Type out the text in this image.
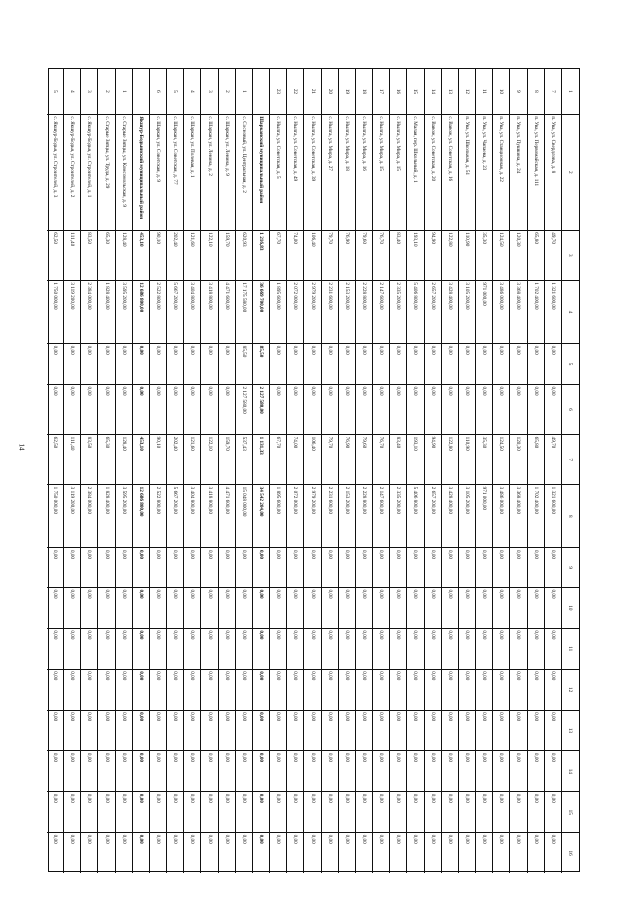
14
1
2
3
4
5
6
7
8
9
10
11
12
13
14
15
16
7
п. Ува, ул. Свердлова, д. 8
49,70
1 321 600,00
0,00
0,00
49,70
1 321 600,00
0,00
0,00
0,00
0,00
0,00
0,00
0,00
0,00
8
п. Ува, ул. Первомайская, д. 111
65,80
1 702 400,00
0,00
0,00
65,80
1 702 400,00
0,00
0,00
0,00
0,00
0,00
0,00
0,00
0,00
9
п. Ува, ул. Пушкина, д. 24
120,30
3 368 400,00
0,00
0,00
120,30
3 368 400,00
0,00
0,00
0,00
0,00
0,00
0,00
0,00
0,00
10
п. Ува, ул. Станционная, д. 22
124,50
3 486 000,00
0,00
0,00
124,50
3 486 000,00
0,00
0,00
0,00
0,00
0,00
0,00
0,00
0,00
11
п. Ува, ул. Чапаева, д. 23
35,30
971 000,00
0,00
0,00
35,30
971 000,00
0,00
0,00
0,00
0,00
0,00
0,00
0,00
0,00
12
п. Ува, ул. Школьная, д. 51
110,90
3 105 200,00
0,00
0,00
110,90
3 105 200,00
0,00
0,00
0,00
0,00
0,00
0,00
0,00
0,00
13
с. Вавож, ул. Советская, д. 16
122,80
3 428 400,00
0,00
0,00
122,80
3 428 400,00
0,00
0,00
0,00
0,00
0,00
0,00
0,00
0,00
14
с. Вавож, ул. Советская, д. 20
94,90
2 657 200,00
0,00
0,00
94,90
2 657 200,00
0,00
0,00
0,00
0,00
0,00
0,00
0,00
0,00
15
с. Малая, пер. Школьный, д. 1
193,10
5 406 800,00
0,00
0,00
193,10
5 406 800,00
0,00
0,00
0,00
0,00
0,00
0,00
0,00
0,00
16
с. Нылга, ул. Мира, д. 15
83,40
2 335 200,00
0,00
0,00
83,40
2 335 200,00
0,00
0,00
0,00
0,00
0,00
0,00
0,00
0,00
17
с. Нылга, ул. Мира, д. 15
76,70
2 147 600,00
0,00
0,00
76,70
2 147 600,00
0,00
0,00
0,00
0,00
0,00
0,00
0,00
0,00
18
с. Нылга, ул. Мира, д. 16
79,60
2 228 800,00
0,00
0,00
79,60
2 228 800,00
0,00
0,00
0,00
0,00
0,00
0,00
0,00
0,00
19
с. Нылга, ул. Мира, д. 18
76,90
2 153 200,00
0,00
0,00
76,90
2 153 200,00
0,00
0,00
0,00
0,00
0,00
0,00
0,00
0,00
20
с. Нылга, ул. Мира, д. 27
79,70
2 231 600,00
0,00
0,00
79,70
2 231 600,00
0,00
0,00
0,00
0,00
0,00
0,00
0,00
0,00
21
с. Нылга, ул. Советская, д. 39
106,40
2 979 200,00
0,00
0,00
106,40
2 979 200,00
0,00
0,00
0,00
0,00
0,00
0,00
0,00
0,00
22
с. Нылга, ул. Советская, д. 49
74,00
2 072 000,00
0,00
0,00
74,00
2 072 000,00
0,00
0,00
0,00
0,00
0,00
0,00
0,00
0,00
23
с. Нылга, ул. Советская, д. 5
67,70
1 895 600,00
0,00
0,00
67,70
1 895 600,00
0,00
0,00
0,00
0,00
0,00
0,00
0,00
0,00
Шарканский муниципальный район
1 216,83
36 669 700,00
85,50
2 127 580,00
1 131,33
34 542 204,00
0,00
0,00
0,00
0,00
0,00
0,00
0,00
0,00
1
с. Сосновый, ул. Центральная, д. 2
620,93
17 175 580,00
85,50
2 127 580,00
537,43
15 048 000,00
0,00
0,00
0,00
0,00
0,00
0,00
0,00
0,00
2
с. Шаркан, ул. Ленина, д. 9
159,70
4 471 600,00
0,00
0,00
159,70
4 471 600,00
0,00
0,00
0,00
0,00
0,00
0,00
0,00
0,00
3
с. Шаркан, ул. Ленина, д. 2
122,10
3 418 800,00
0,00
0,00
122,10
3 418 800,00
0,00
0,00
0,00
0,00
0,00
0,00
0,00
0,00
4
с. Шаркан, ул. Полевая, д. 1
121,60
3 404 800,00
0,00
0,00
121,60
3 404 800,00
0,00
0,00
0,00
0,00
0,00
0,00
0,00
0,00
5
с. Шаркан, ул. Советская, д. 77
202,40
5 667 200,00
0,00
0,00
202,40
5 667 200,00
0,00
0,00
0,00
0,00
0,00
0,00
0,00
0,00
6
с. Шаркан, ул. Советская, д. 9
90,10
2 522 800,00
0,00
0,00
90,10
2 522 800,00
0,00
0,00
0,00
0,00
0,00
0,00
0,00
0,00
Якшур-Бодьинский муниципальный район
453,10
12 686 800,00
0,00
0,00
453,10
12 686 800,00
0,00
0,00
0,00
0,00
0,00
0,00
0,00
0,00
1
с. Старые Зятцы, ул. Комсомольская, д. 9
128,40
3 595 200,00
0,00
0,00
128,40
3 595 200,00
0,00
0,00
0,00
0,00
0,00
0,00
0,00
0,00
2
с. Старые Зятцы, ул. Труда, д. 29
65,30
1 828 400,00
0,00
0,00
65,30
1 828 400,00
0,00
0,00
0,00
0,00
0,00
0,00
0,00
0,00
3
с. Якшур-Бодья, ул. Строителей, д. 1
83,50
2 384 000,00
0,00
0,00
83,50
2 384 000,00
0,00
0,00
0,00
0,00
0,00
0,00
0,00
0,00
4
с. Якшур-Бодья, ул. Строителей, д. 2
111,40
3 119 200,00
0,00
0,00
111,40
3 119 200,00
0,00
0,00
0,00
0,00
0,00
0,00
0,00
0,00
5
с. Якшур-Бодья, ул. Строителей, д. 3
62,50
1 750 000,00
0,00
0,00
62,50
1 750 000,00
0,00
0,00
0,00
0,00
0,00
0,00
0,00
0,00
